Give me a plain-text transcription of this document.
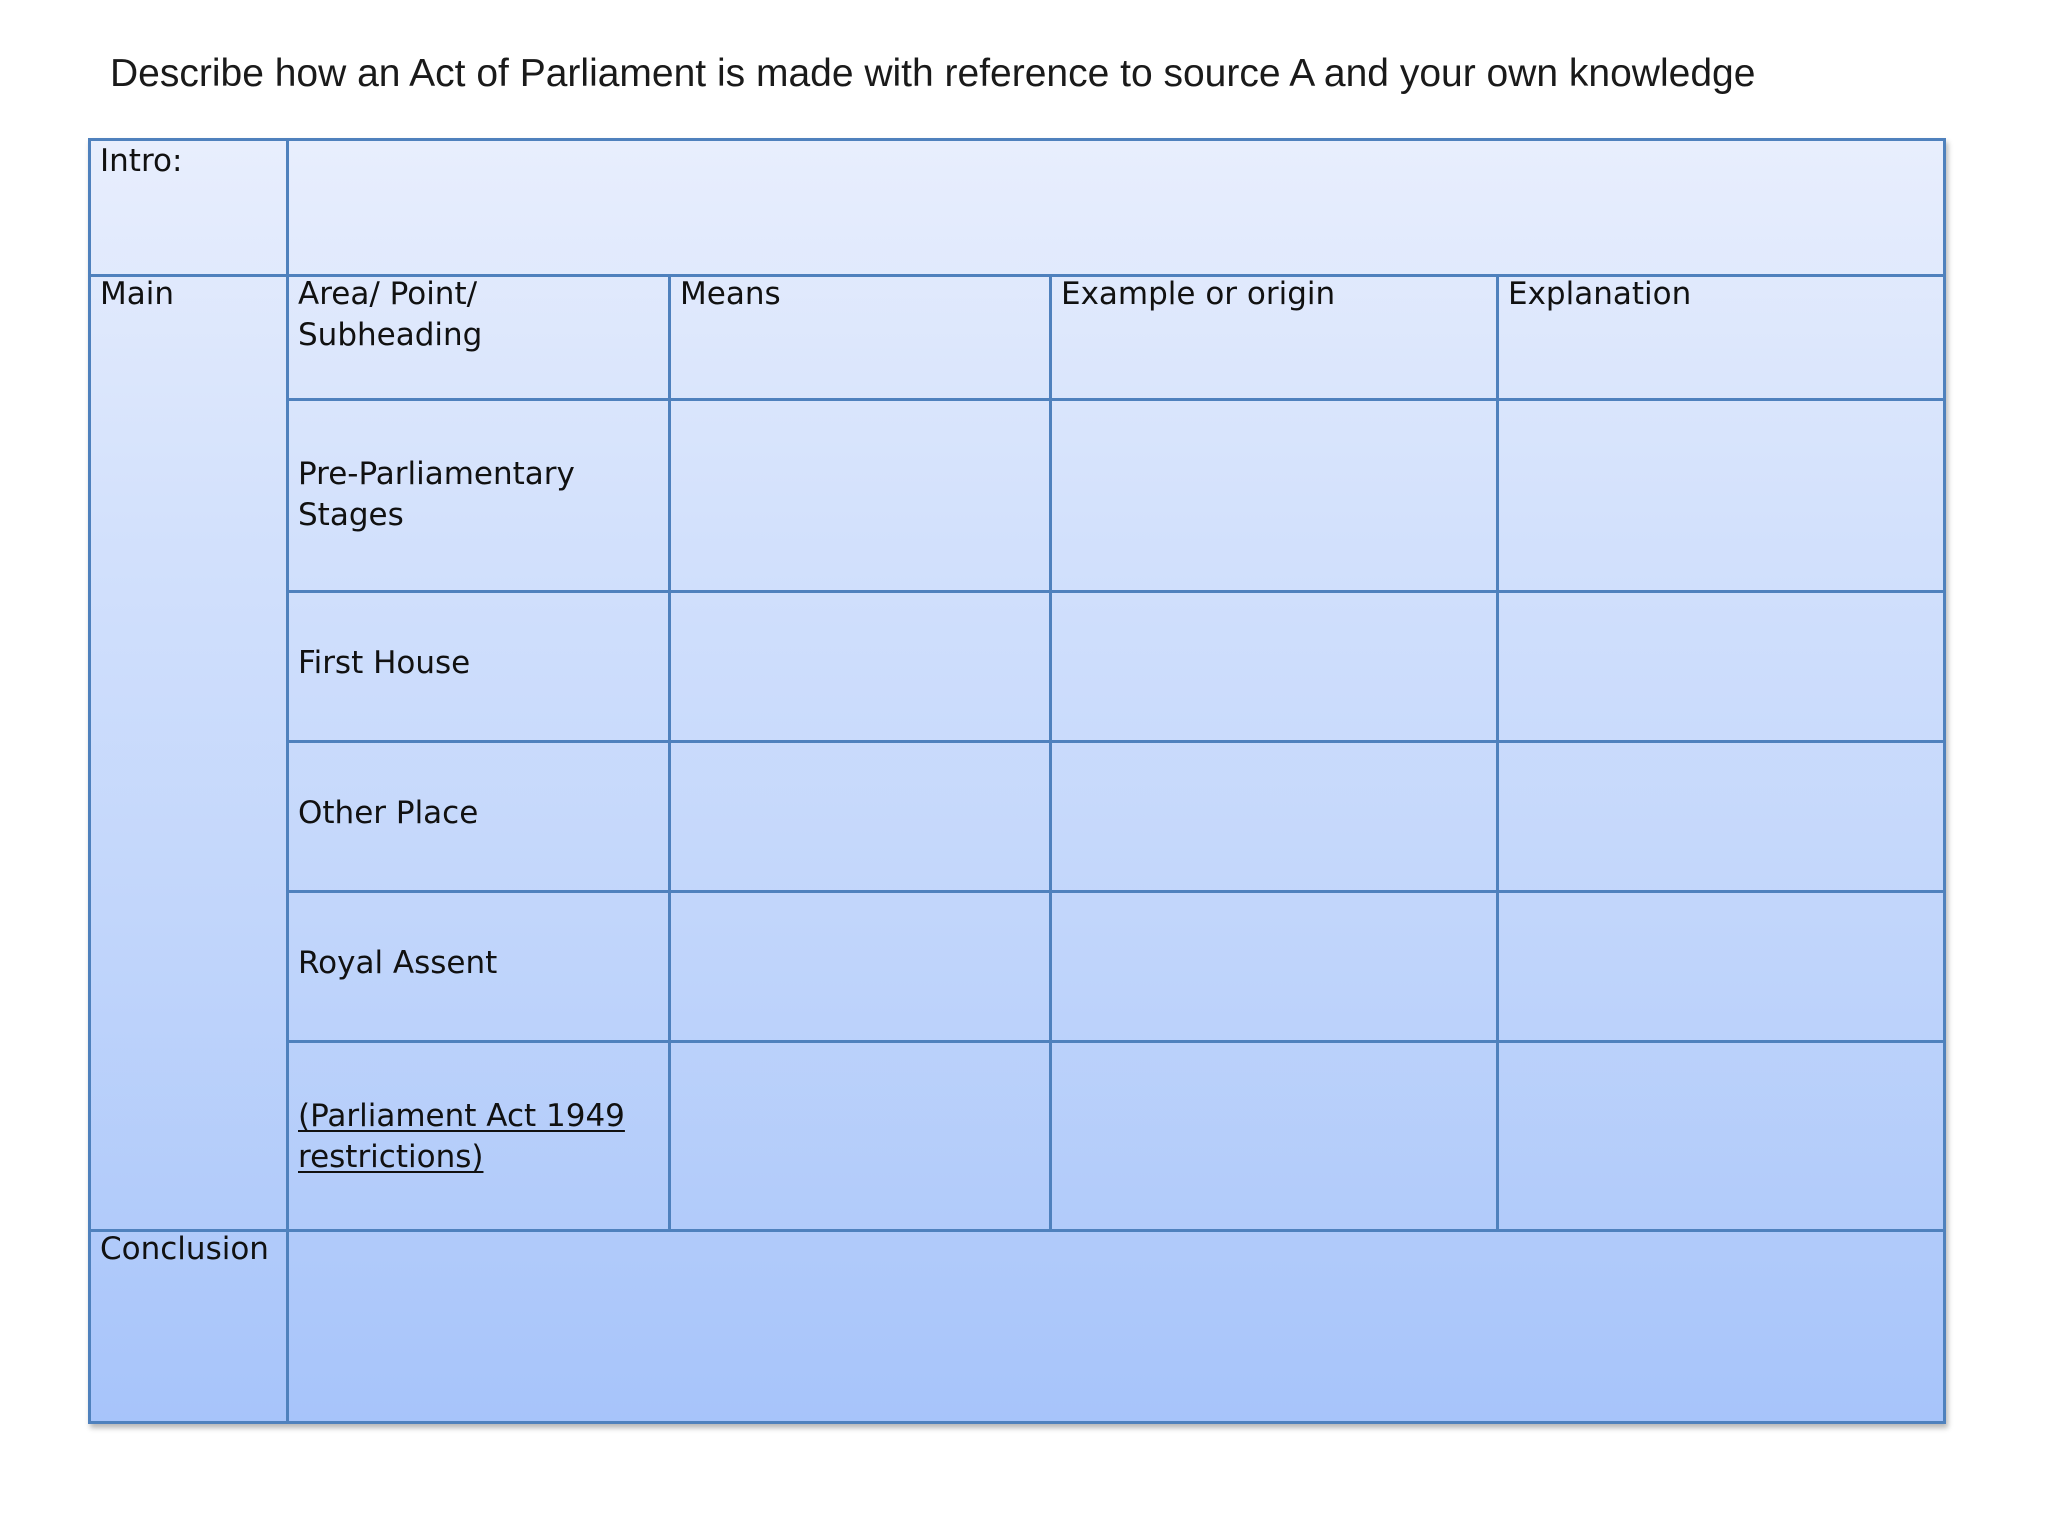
Describe how an Act of Parliament is made with reference to source A and your own knowledge
Intro:
Main
Conclusion
Area/ Point/
Subheading
Means	Example or origin	Explanation
Pre-Parliamentary
Stages
First House
Other Place
Royal Assent
(Parliament Act 1949
restrictions)
